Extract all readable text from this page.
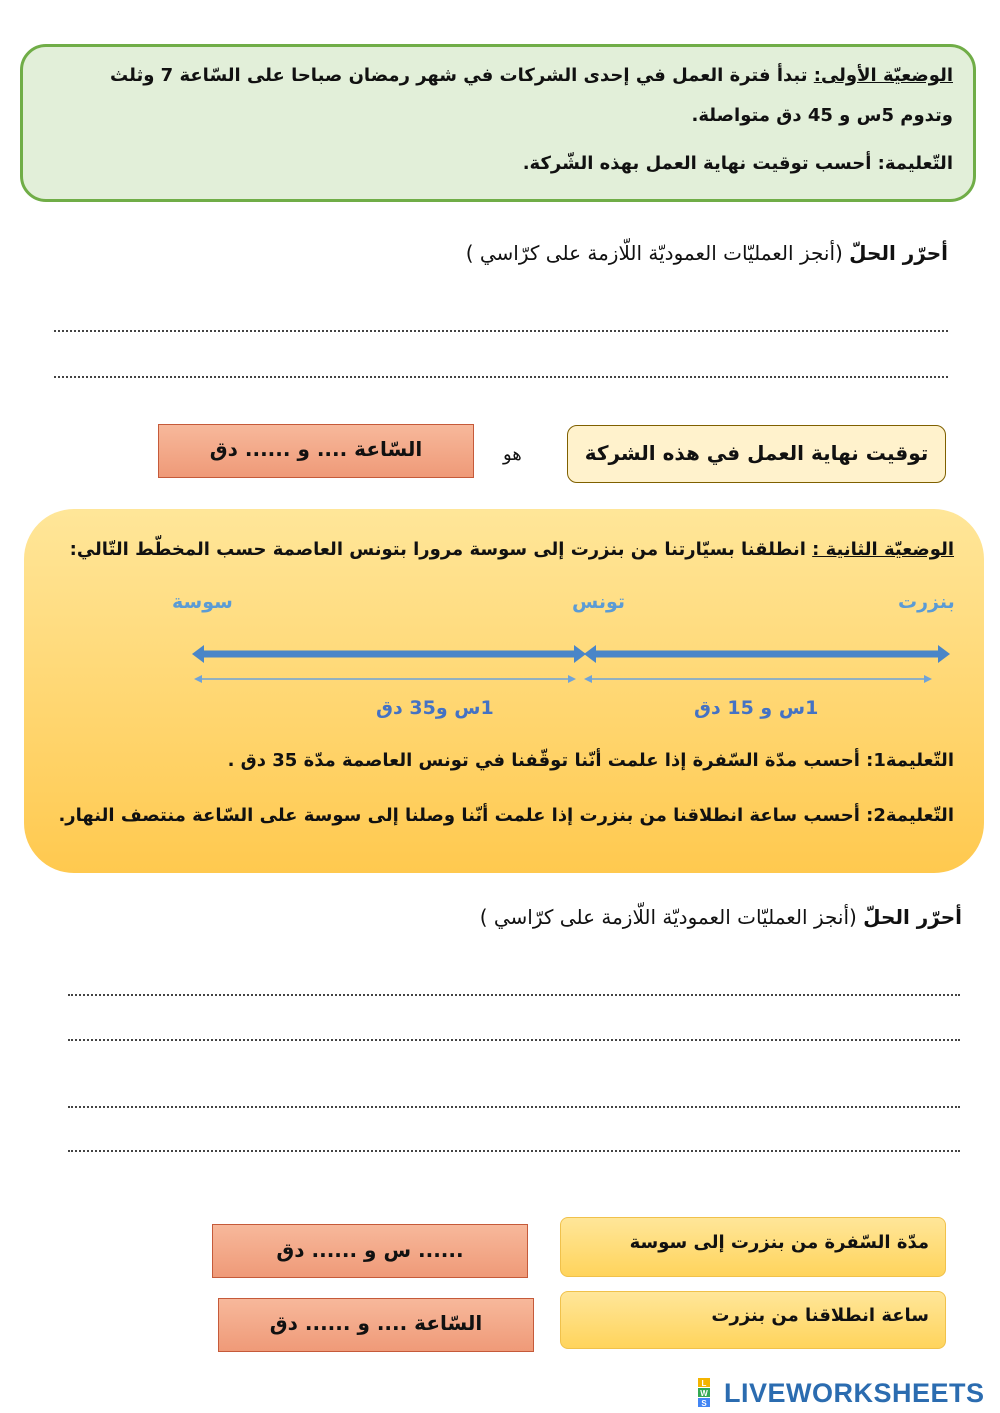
الوضعيّة الأولى: تبدأ فترة العمل في إحدى الشركات في شهر رمضان صباحا على السّاعة 7 وثلث
وتدوم 5س و 45 دق متواصلة.
التّعليمة: أحسب توقيت نهاية العمل بهذه الشّركة.
أحرّر الحلّ (أنجز العمليّات العموديّة اللّازمة على كرّاسي )
توقيت نهاية العمل في هذه الشركة
هو
السّاعة .... و ...... دق
الوضعيّة الثانية : انطلقنا بسيّارتنا من بنزرت إلى سوسة مرورا بتونس العاصمة حسب المخطّط التّالي:
بنزرت
تونس
سوسة
1س و 15 دق
1س و35 دق
التّعليمة1: أحسب مدّة السّفرة إذا علمت أنّنا توقّفنا في تونس العاصمة مدّة 35 دق .
التّعليمة2: أحسب ساعة انطلاقنا من بنزرت إذا علمت أنّنا وصلنا إلى سوسة على السّاعة منتصف النهار.
أحرّر الحلّ (أنجز العمليّات العموديّة اللّازمة على كرّاسي )
مدّة السّفرة من بنزرت إلى سوسة
...... س و ...... دق
ساعة انطلاقنا من بنزرت
السّاعة .... و ...... دق
L
W
S LIVEWORKSHEETS
